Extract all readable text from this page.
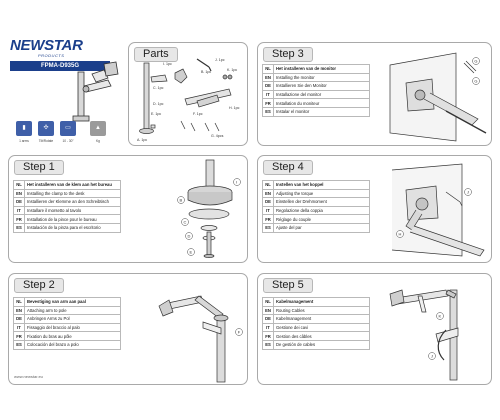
NEWSTAR
PRODUCTS
FPMA-D935G
▮	✣	▭	▲
1 arms	Tilt/Rotate	10 - 30"	Kg
Parts
A. 1pc
B. 1pc
C. 1pc
D. 1pc
E. 1pc	F. 1pc
G. 4pcs
H. 1pc
I. 1pc
J. 1pc
K. 1pc
Step 3
NL	Het installeren van de monitor
EN	Installing the monitor
DE	Installieren Sie den Monitor
IT	Installazione del monitor
FR	Installation du moniteur
ES	Instalar el monitor
G
G
Step 1
NL	Het installeren van de klem aan het bureau
EN	Installing the clamp to the desk
DE	Installieren der Klemme an den Schreibtisch
IT	Installare il morsetto al tavolo
FR	Installation de la pince pour le bureau
ES	Instalación de la pinza para el escritorio
I
B
C
D
E
Step 4
NL	Instellen van het koppel
EN	Adjusting the torque
DE	Einstellen der Drehmoment
IT	Regolazione della coppia
FR	Réglage du couple
ES	Ajuste del par
J
H
Step 2
NL	Bevestiging van arm aan paal
EN	Attaching arm to pole
DE	Anbringen Arms zu Pol
IT	Fissaggio del braccio al palo
FR	Fixation du bras au pôle
ES	Colocación del brazo a polo
F
Step 5
NL	Kabelmanagement
EN	Routing Cables
DE	Kabelmanagement
IT	Gestione dei cavi
FR	Gestion des câbles
ES	De gestión de cables
K
J
www.newstar.eu
